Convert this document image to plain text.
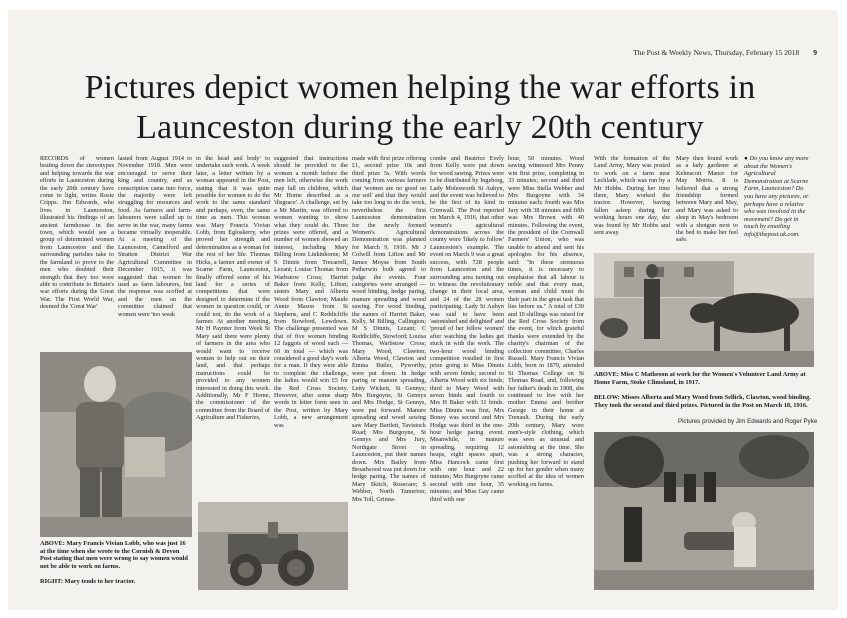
The Post & Weekly News, Thursday, February 15 2018 9
Pictures depict women helping the war efforts in
Launceston during the early 20th century

RECORDS of women beating down the stereotypes and helping towards the war efforts in Launceston during the early 20th century have come to light, writes Rosie Cripps. Jim Edwards, who lives in Launceston, illustrated his findings of an ancient farmhouse in the town, which would see a group of determined women from Launceston and the surrounding parishes take to the farmland to prove to the men who doubted their strength that they too were able to contribute to Britain's war efforts during the Great War. The First World War, deemed the 'Great War'

lasted from August 1914 to November 1918. Men were encouraged to serve their king and country, and as conscription came into force, the majority were left struggling for resources and food. As farmers and farm-labourers were called up to serve in the war, many farms became virtually inoperable. At a meeting of the Launceston, Camelford and Stratton District War Agricultural Committee in December 1915, it was suggested that women be used as farm labourers, but the response was scoffed at and the men on the committee claimed that women were 'too weak

in the head and body' to undertake such work. A week later, a letter written by a woman appeared in the Post, stating that it was quite possible for women to do the work to the same standard and perhaps, even, the same time as men. This woman was Mary Francis Vivian Lobb, from Egloskerry, who proved her strength and determination as a woman for the rest of her life. Thomas Hicks, a farmer and owner of Scarne Farm, Launceston, finally offered some of his land for a series of competitions that were designed to determine if the women in question could, or could not, do the work of a farmer. At another meeting, Mr H Paynter from Week St Mary said there were plenty of farmers in the area who would want to receive women to help out on their land, and that perhaps instructions could be provided to any women interested in doing this work. Additionally, Mr F Horne, the commissioner of the committee from the Board of Agriculture and Fisheries,

suggested that instructions should be provided to the women a month before the men left, otherwise the work may fall on children, which Mr Horne described as a 'disgrace'. A challenge, set by a Mr Martin, was offered to women wanting to show what they could do. Three prizes were offered, and a number of women showed an interest, including Mary Billing from Linkinhorne; M S Dinnis from Trecarrell, Lezant; Louise Thomas from Warbstow Cross; Harriet Baker from Kelly, Lifton; sisters Mary and Alberta Wood from Clawton; Maude Annie Mason from St Stephens, and C Reddicliffe from Stowford, Lewdown. The challenge presented was that of five women binding 12 faggots of wood each — 60 in total — which was considered a good day's work for a man. If they were able to complete the challenge, the ladies would win £5 for the Red Cross Society. However, after some sharp words in letter form seen in the Post, written by Mary Lobb, a new arrangement was

made with first prize offering £1, second prize 10s and third prize 5s. With words coming from various farmers that 'women are no good on our soil' and that they would take too long to do the work, nevertheless the first Launceston demonstration for the newly formed Women's Agricultural Demonstration was planned for March 9, 1916. Mr J Colwill from Lifton and Mr James Moyse from South Petherwin both agreed to judge the events. Four categories were arranged — wood binding, hedge paring, manure spreading and wood sawing. For wood binding, the names of Harriet Baker, Kelly, M Billing, Callington; M S Dinnis, Lezant; C Reddicliffe, Stowford; Louisa Thomas, Warbstow Cross; Mary Wood, Clawton; Alberta Wood, Clawton and Emma Butler, Pyworthy, were put down. In hedge paring or manure spreading, Letty Wickett, St Gennys; Mrs Burgoyne, St Gennys and Mrs Hodge, St Gennys, were put forward. Manure spreading and wood sawing saw Mary Bartlett, Tavistock Road; Mrs Burgoyne, St Gennys and Mrs Jury, Northgate Street in Launceston, put their names down. Mrs Bailey from Broadwood was put down for hedge paring. The names of Mary Skitch, Rosecare; S Webber, North Tamerton; Mrs Toll, Grinna-

combe and Beatrice Evely from Kelly were put down for wood sawing. Prizes were to be distributed by Ingeborg, Lady Molesworth St Aubyn, and the event was believed to be the first of its kind in Cornwall. The Post reported on March 4, 1916, that other women's agricultural demonstrations across the county were 'likely to follow' Launceston's example. The event on March 9 was a great success, with 728 people from Launceston and the surrounding area turning out to witness the revolutionary change in their local area, and 24 of the 28 women participating. Lady St Aubyn was said to have been 'astonished and delighted' and 'proud of her fellow women' after watching the ladies get stuck in with the work. The two-hour wood binding competition resulted in first prize going to Miss Dinnis with seven binds; second to Alberta Wood with six binds; third to Mary Wood with seven binds and fourth to Mrs H Baker with 11 binds. Miss Dinnis was first, Mrs Boney was second and Mrs Hodge was third in the one-hour hedge paring event. Meanwhile, in manure spreading, requiring 12 heaps, eight spaces apart, Miss Hancock came first with one hour and 22 minutes; Mrs Burgoyne came second with one hour, 35 minutes; and Miss Gay came third with one

hour, 50 minutes. Wood sawing witnessed Mrs Penny win first prize, completing in 33 minutes; second and third were Miss Stella Webber and Mrs Burgoyne with 34 minutes each; fourth was Mrs Jury with 38 minutes and fifth was Mrs Brown with 40 minutes. Following the event, the president of the Cornwall Farmers' Union, who was unable to attend and sent his apologies for his absence, said: "In these strenuous times, it is necessary to emphasise that all labour is noble and that every man, woman and child must do their part in the great task that lies before us." A total of £30 and 10 shillings was raised for the Red Cross Society from the event, for which grateful thanks were extended by the charity's chairman of the collection committee, Charles Russell. Mary Francis Vivian Lobb, born in 1879, attended St Thomas College on St Thomas Road, and, following her father's death in 1908, she continued to live with her mother Emma and brother George in their home at Trenault. During the early 20th century, Mary wore men's-style clothing, which was seen as unusual and astonishing at the time. She was a strong character, pushing her forward to stand up for her gender when many scoffed at the idea of women working on farms.

With the formation of the Land Army, Mary was posted to work on a farm near Lechlade, which was run by a Mr Hobbs. During her time there, Mary worked the tractor. However, having fallen asleep during her working hours one day, she was found by Mr Hobbs and sent away.

Mary then found work as a lady gardener at Kelmscott Manor for May Morris. It is believed that a strong friendship formed between Mary and May, and Mary was asked to sleep in May's bedroom with a shotgun next to the bed to make her feel safe.

● Do you know any more about the Women's Agricultural Demonstration at Scarne Farm, Launceston? Do you have any pictures, or perhaps have a relative who was involved in the movement? Do get in touch by emailing info@thepost.uk.com.
ABOVE: Mary Francis Vivian Lobb, who was just 16 at the time when she wrote to the Cornish & Devon Post stating that men were wrong to say women would not be able to work on farms.
RIGHT: Mary tends to her tractor.
ABOVE: Miss C Matheson at work for the Women's Volunteer Land Army at Home Farm, Stoke Climsland, in 1917.
BELOW: Misses Alberta and Mary Wood from Sellick, Clawton, wood binding. They took the second and third prizes. Pictured in the Post on March 18, 1916.
Pictures provided by Jim Edwards and Roger Pyke
